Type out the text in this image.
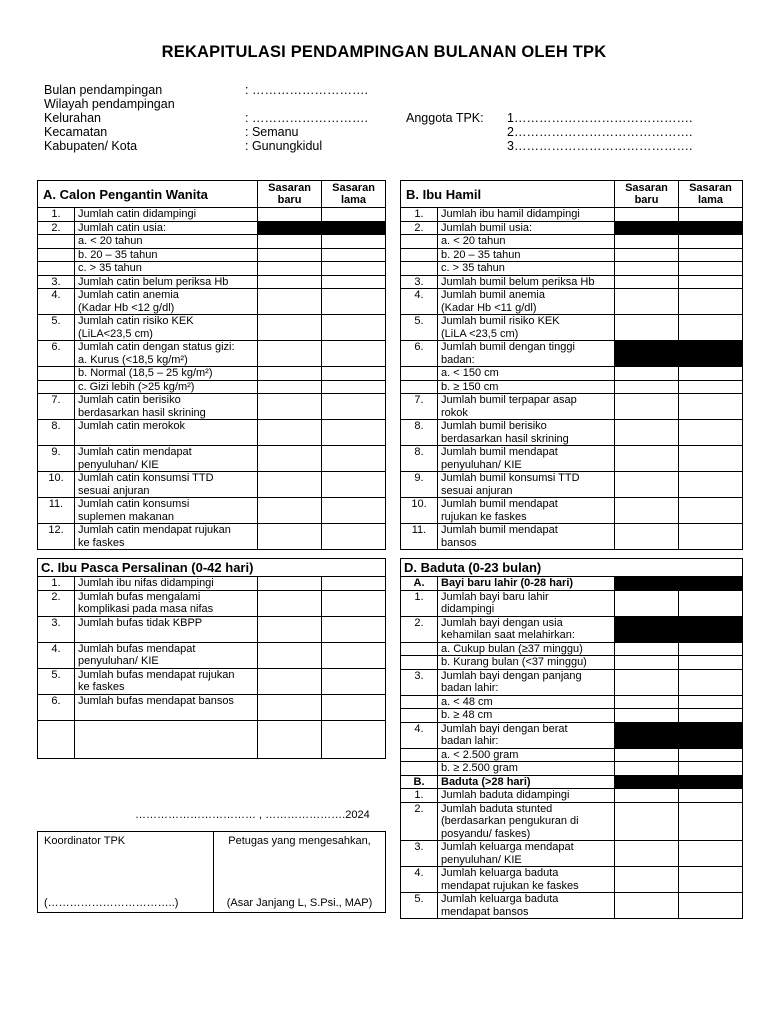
REKAPITULASI PENDAMPINGAN BULANAN OLEH TPK
Bulan pendampingan	: ……………………….
Wilayah pendampingan
Kelurahan	: ……………………….
Kecamatan	: Semanu
Kabupaten/ Kota	: Gunungkidul
Anggota TPK: 1…………………………………….
2…………………………………….
3…………………………………….
A. Calon Pengantin Wanita		Sasaran baru	Sasaran lama
1.	Jumlah catin didampingi		
2.	Jumlah catin usia:		
	a. < 20 tahun		
	b. 20 – 35 tahun		
	c. > 35 tahun		
3.	Jumlah catin belum periksa Hb		
4.	Jumlah catin anemia
(Kadar Hb <12 g/dl)		
5.	Jumlah catin risiko KEK
(LiLA<23,5 cm)		
6.	Jumlah catin dengan status gizi:
a. Kurus (<18,5 kg/m²)		
	b. Normal (18,5 – 25 kg/m²)		
	c. Gizi lebih (>25 kg/m²)		
7.	Jumlah catin berisiko
berdasarkan hasil skrining		
8.	Jumlah catin merokok

9.	Jumlah catin mendapat
penyuluhan/ KIE		
10.	Jumlah catin konsumsi TTD
sesuai anjuran		
11.	Jumlah catin konsumsi
suplemen makanan		
12.	Jumlah catin mendapat rujukan
ke faskes		
B. Ibu Hamil		Sasaran baru	Sasaran lama
1.	Jumlah ibu hamil didampingi		
2.	Jumlah bumil usia:		
	a. < 20 tahun		
	b. 20 – 35 tahun		
	c. > 35 tahun		
3.	Jumlah bumil belum periksa Hb		
4.	Jumlah bumil anemia
(Kadar Hb <11 g/dl)		
5.	Jumlah bumil risiko KEK
(LiLA <23,5 cm)		
6.	Jumlah bumil dengan tinggi
badan:		
	a. < 150 cm		
	b. ≥ 150 cm		
7.	Jumlah bumil terpapar asap
rokok		
8.	Jumlah bumil berisiko
berdasarkan hasil skrining		
8.	Jumlah bumil mendapat
penyuluhan/ KIE		
9.	Jumlah bumil konsumsi TTD
sesuai anjuran		
10.	Jumlah bumil mendapat
rujukan ke faskes		
11.	Jumlah bumil mendapat
bansos		
C. Ibu Pasca Persalinan (0-42 hari)			
1.	Jumlah ibu nifas didampingi		
2.	Jumlah bufas mengalami
komplikasi pada masa nifas		
3.	Jumlah bufas tidak KBPP

4.	Jumlah bufas mendapat
penyuluhan/ KIE		
5.	Jumlah bufas mendapat rujukan
ke faskes		
6.	Jumlah bufas mendapat bansos

D. Baduta (0-23 bulan)			
A.	Bayi baru lahir (0-28 hari)		
1.	Jumlah bayi baru lahir
didampingi		
2.	Jumlah bayi dengan usia
kehamilan saat melahirkan:		
	a. Cukup bulan (≥37 minggu)		
	b. Kurang bulan (<37 minggu)		
3.	Jumlah bayi dengan panjang
badan lahir:		
	a. < 48 cm		
	b. ≥ 48 cm		
4.	Jumlah bayi dengan berat
badan lahir:		
	a. < 2.500 gram		
	b. ≥ 2.500 gram		
B.	Baduta (>28 hari)		
1.	Jumlah baduta didampingi		
2.	Jumlah baduta stunted
(berdasarkan pengukuran di
posyandu/ faskes)		
3.	Jumlah keluarga mendapat
penyuluhan/ KIE		
4.	Jumlah keluarga baduta
mendapat rujukan ke faskes		
5.	Jumlah keluarga baduta
mendapat bansos		
…………………………… , ………………….2024
Koordinator TPK
(……………………………..)
Petugas yang mengesahkan,
(Asar Janjang L, S.Psi., MAP)
